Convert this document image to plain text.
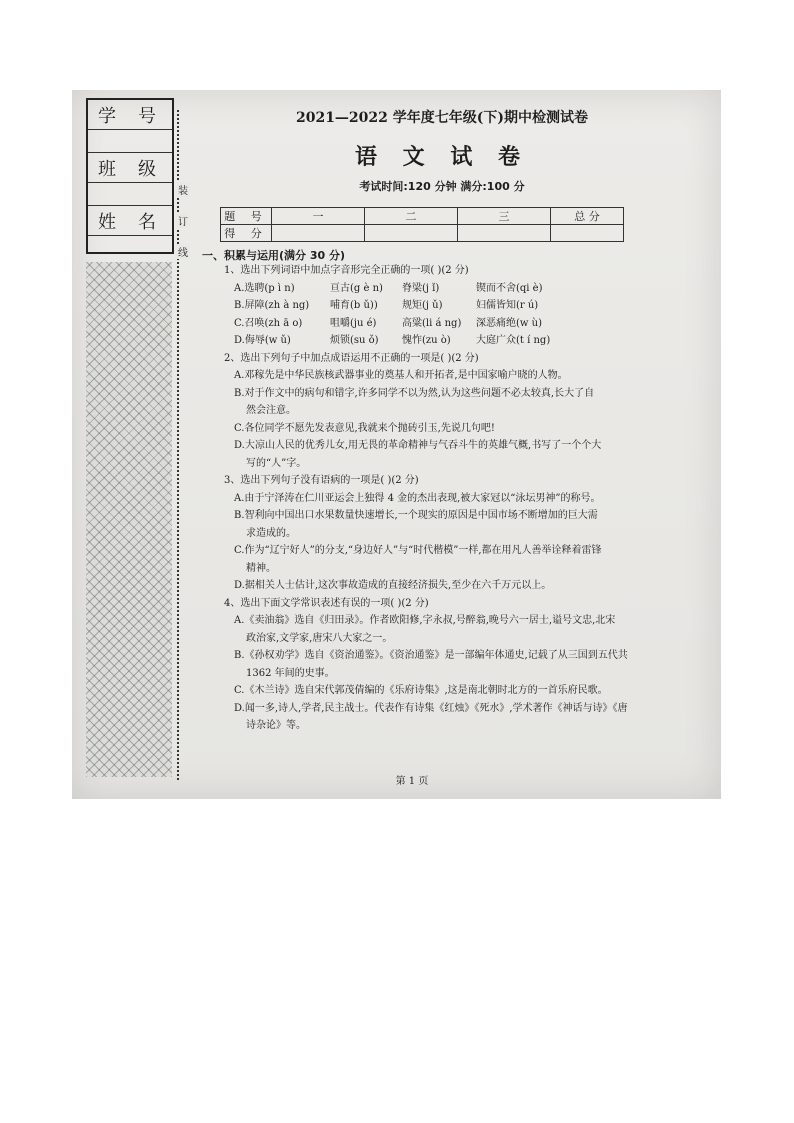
学 号
班 级
姓 名
装
订
线
2021—2022 学年度七年级(下)期中检测试卷
语 文 试 卷
考试时间:120 分钟 满分:100 分
题 号	一	二	三	总 分
得 分				
一、积累与运用(满分 30 分)
1、选出下列词语中加点字音形完全正确的一项( )(2 分)
A.选聘(p ì n)	亘古(g è n)	脊梁(j ǐ)	锲而不舍(qi è)
B.屏障(zh à ng)	哺育(b ǔ))	规矩(j ǔ)	妇儒皆知(r ú)
C.召唤(zh ā o)	咀嚼(ju é)	高粱(li á ng)	深恶痛绝(w ù)
D.侮辱(w ǔ)	烦锁(su ǒ)	愧怍(zu ò)	大庭广众(t í ng)
2、选出下列句子中加点成语运用不正确的一项是( )(2 分)
A.邓稼先是中华民族核武器事业的奠基人和开拓者,是中国家喻户晓的人物。
B.对于作文中的病句和错字,许多同学不以为然,认为这些问题不必太较真,长大了自
然会注意。
C.各位同学不愿先发表意见,我就来个抛砖引玉,先说几句吧!
D.大凉山人民的优秀儿女,用无畏的革命精神与气吞斗牛的英雄气概,书写了一个个大
写的“人”字。
3、选出下列句子没有语病的一项是( )(2 分)
A.由于宁泽涛在仁川亚运会上独得 4 金的杰出表现,被大家冠以“泳坛男神”的称号。
B.智利向中国出口水果数量快速增长,一个现实的原因是中国市场不断增加的巨大需
求造成的。
C.作为“辽宁好人”的分支,“身边好人”与“时代楷模”一样,都在用凡人善举诠释着雷锋
精神。
D.据相关人士估计,这次事故造成的直接经济损失,至少在六千万元以上。
4、选出下面文学常识表述有误的一项( )(2 分)
A.《卖油翁》选自《归田录》。作者欧阳修,字永叔,号醉翁,晚号六一居士,谥号文忠,北宋
政治家,文学家,唐宋八大家之一。
B.《孙权劝学》选自《资治通鉴》。《资治通鉴》是一部编年体通史,记载了从三国到五代共
1362 年间的史事。
C.《木兰诗》选自宋代郭茂倩编的《乐府诗集》,这是南北朝时北方的一首乐府民歌。
D.闻一多,诗人,学者,民主战士。代表作有诗集《红烛》《死水》,学术著作《神话与诗》《唐
诗杂论》等。
第 1 页
